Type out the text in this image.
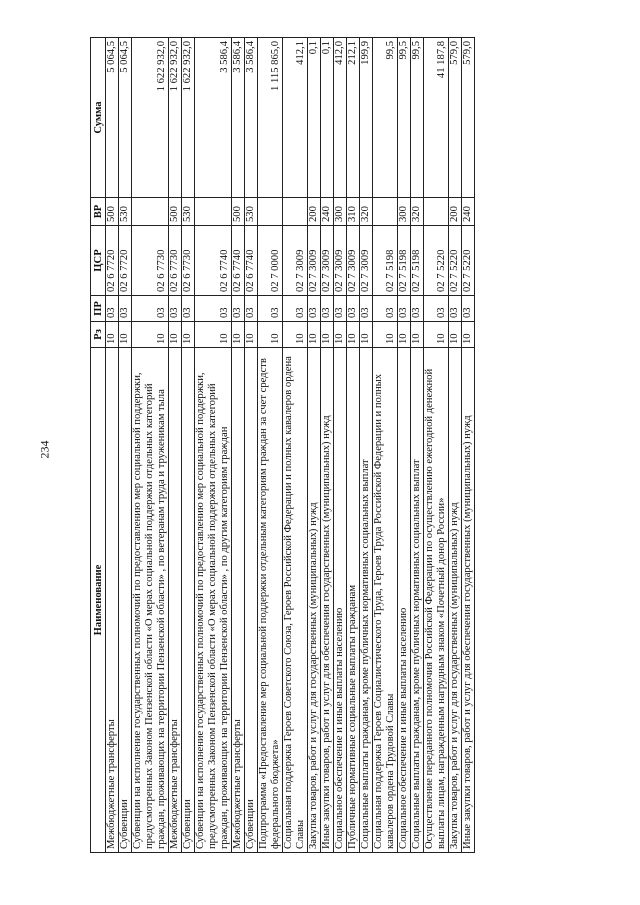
234
Наименование	Рз	ПР	ЦСР	ВР	Сумма
Межбюджетные трансферты	10	03	02 6 7720	500	5 064,5
Субвенции	10	03	02 6 7720	530	5 064,5
Субвенции на исполнение государственных полномочий по предоставлению мер социальной поддержки, предусмотренных Законом Пензенской области «О мерах социальной поддержки отдельных категорий граждан, проживающих на территории Пензенской области» , по ветеранам труда и труженикам тыла	10	03	02 6 7730		1 622 932,0
Межбюджетные трансферты	10	03	02 6 7730	500	1 622 932,0
Субвенции	10	03	02 6 7730	530	1 622 932,0
Субвенции на исполнение государственных полномочий по предоставлению мер социальной поддержки, предусмотренных Законом Пензенской области «О мерах социальной поддержки отдельных категорий граждан, проживающих на территории Пензенской области» , по другим категориям граждан	10	03	02 6 7740		3 586,4
Межбюджетные трансферты	10	03	02 6 7740	500	3 586,4
Субвенции	10	03	02 6 7740	530	3 586,4
Подпрограмма «Предоставление мер социальной поддержки отдельным категориям граждан за счет средств федерального бюджета»	10	03	02 7 0000		1 115 865,0
Социальная поддержка Героев Советского Союза, Героев Российской Федерации и полных кавалеров ордена Славы	10	03	02 7 3009		412,1
Закупка товаров, работ и услуг для государственных (муниципальных) нужд	10	03	02 7 3009	200	0,1
Иные закупки товаров, работ и услуг для обеспечения государственных (муниципальных) нужд	10	03	02 7 3009	240	0,1
Социальное обеспечение и иные выплаты населению	10	03	02 7 3009	300	412,0
Публичные нормативные социальные выплаты гражданам	10	03	02 7 3009	310	212,1
Социальные выплаты гражданам, кроме публичных нормативных социальных выплат	10	03	02 7 3009	320	199,9
Социальная поддержка Героев Социалистического Труда, Героев Труда Российской Федерации и полных кавалеров ордена Трудовой Славы	10	03	02 7 5198		99,5
Социальное обеспечение и иные выплаты населению	10	03	02 7 5198	300	99,5
Социальные выплаты гражданам, кроме публичных нормативных социальных выплат	10	03	02 7 5198	320	99,5
Осуществление переданного полномочия Российской Федерации по осуществлению ежегодной денежной выплаты лицам, награжденным нагрудным знаком «Почетный донор России»	10	03	02 7 5220		41 187,8
Закупка товаров, работ и услуг для государственных (муниципальных) нужд	10	03	02 7 5220	200	579,0
Иные закупки товаров, работ и услуг для обеспечения государственных (муниципальных) нужд	10	03	02 7 5220	240	579,0
